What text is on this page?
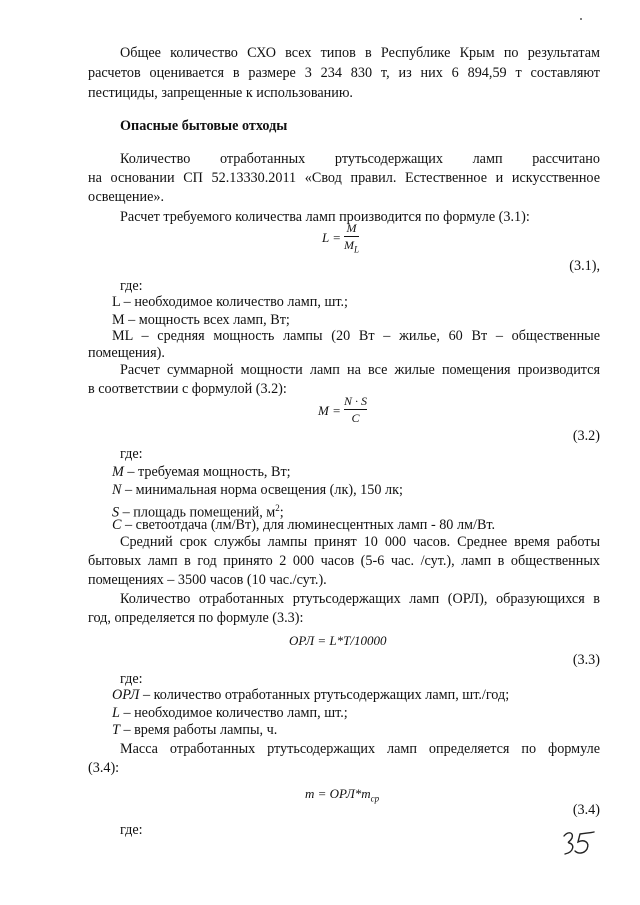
Общее количество СХО всех типов в Республике Крым по результатам
расчетов оценивается в размере 3 234 830 т, из них 6 894,59 т составляют
пестициды, запрещенные к использованию.
Опасные бытовые отходы
Количество отработанных ртутьсодержащих ламп рассчитано
на основании СП 52.13330.2011 «Свод правил. Естественное и искусственное
освещение».
Расчет требуемого количества ламп производится по формуле (3.1):
L =
M
$M_L$
(3.1),
где:
L – необходимое количество ламп, шт.;
M – мощность всех ламп, Вт;
ML – средняя мощность лампы (20 Вт – жилье, 60 Вт – общественные
помещения).
Расчет суммарной мощности ламп на все жилые помещения производится
в соответствии с формулой (3.2):
M =
N · S
C
(3.2)
где:
M – требуемая мощность, Вт;
N – минимальная норма освещения (лк), 150 лк;
S – площадь помещений, $м^2$;
C – светоотдача (лм/Вт), для люминесцентных ламп - 80 лм/Вт.
Средний срок службы лампы принят 10 000 часов. Среднее время работы
бытовых ламп в год принято 2 000 часов (5-6 час. /сут.), ламп в общественных
помещениях – 3500 часов (10 час./сут.).
Количество отработанных ртутьсодержащих ламп (ОРЛ), образующихся в
год, определяется по формуле (3.3):
ОРЛ = L*T/10000
(3.3)
где:
ОРЛ – количество отработанных ртутьсодержащих ламп, шт./год;
L – необходимое количество ламп, шт.;
T – время работы лампы, ч.
Масса отработанных ртутьсодержащих ламп определяется по формуле
(3.4):
$m = ОРЛ*m_{ср}$
(3.4)
где:
